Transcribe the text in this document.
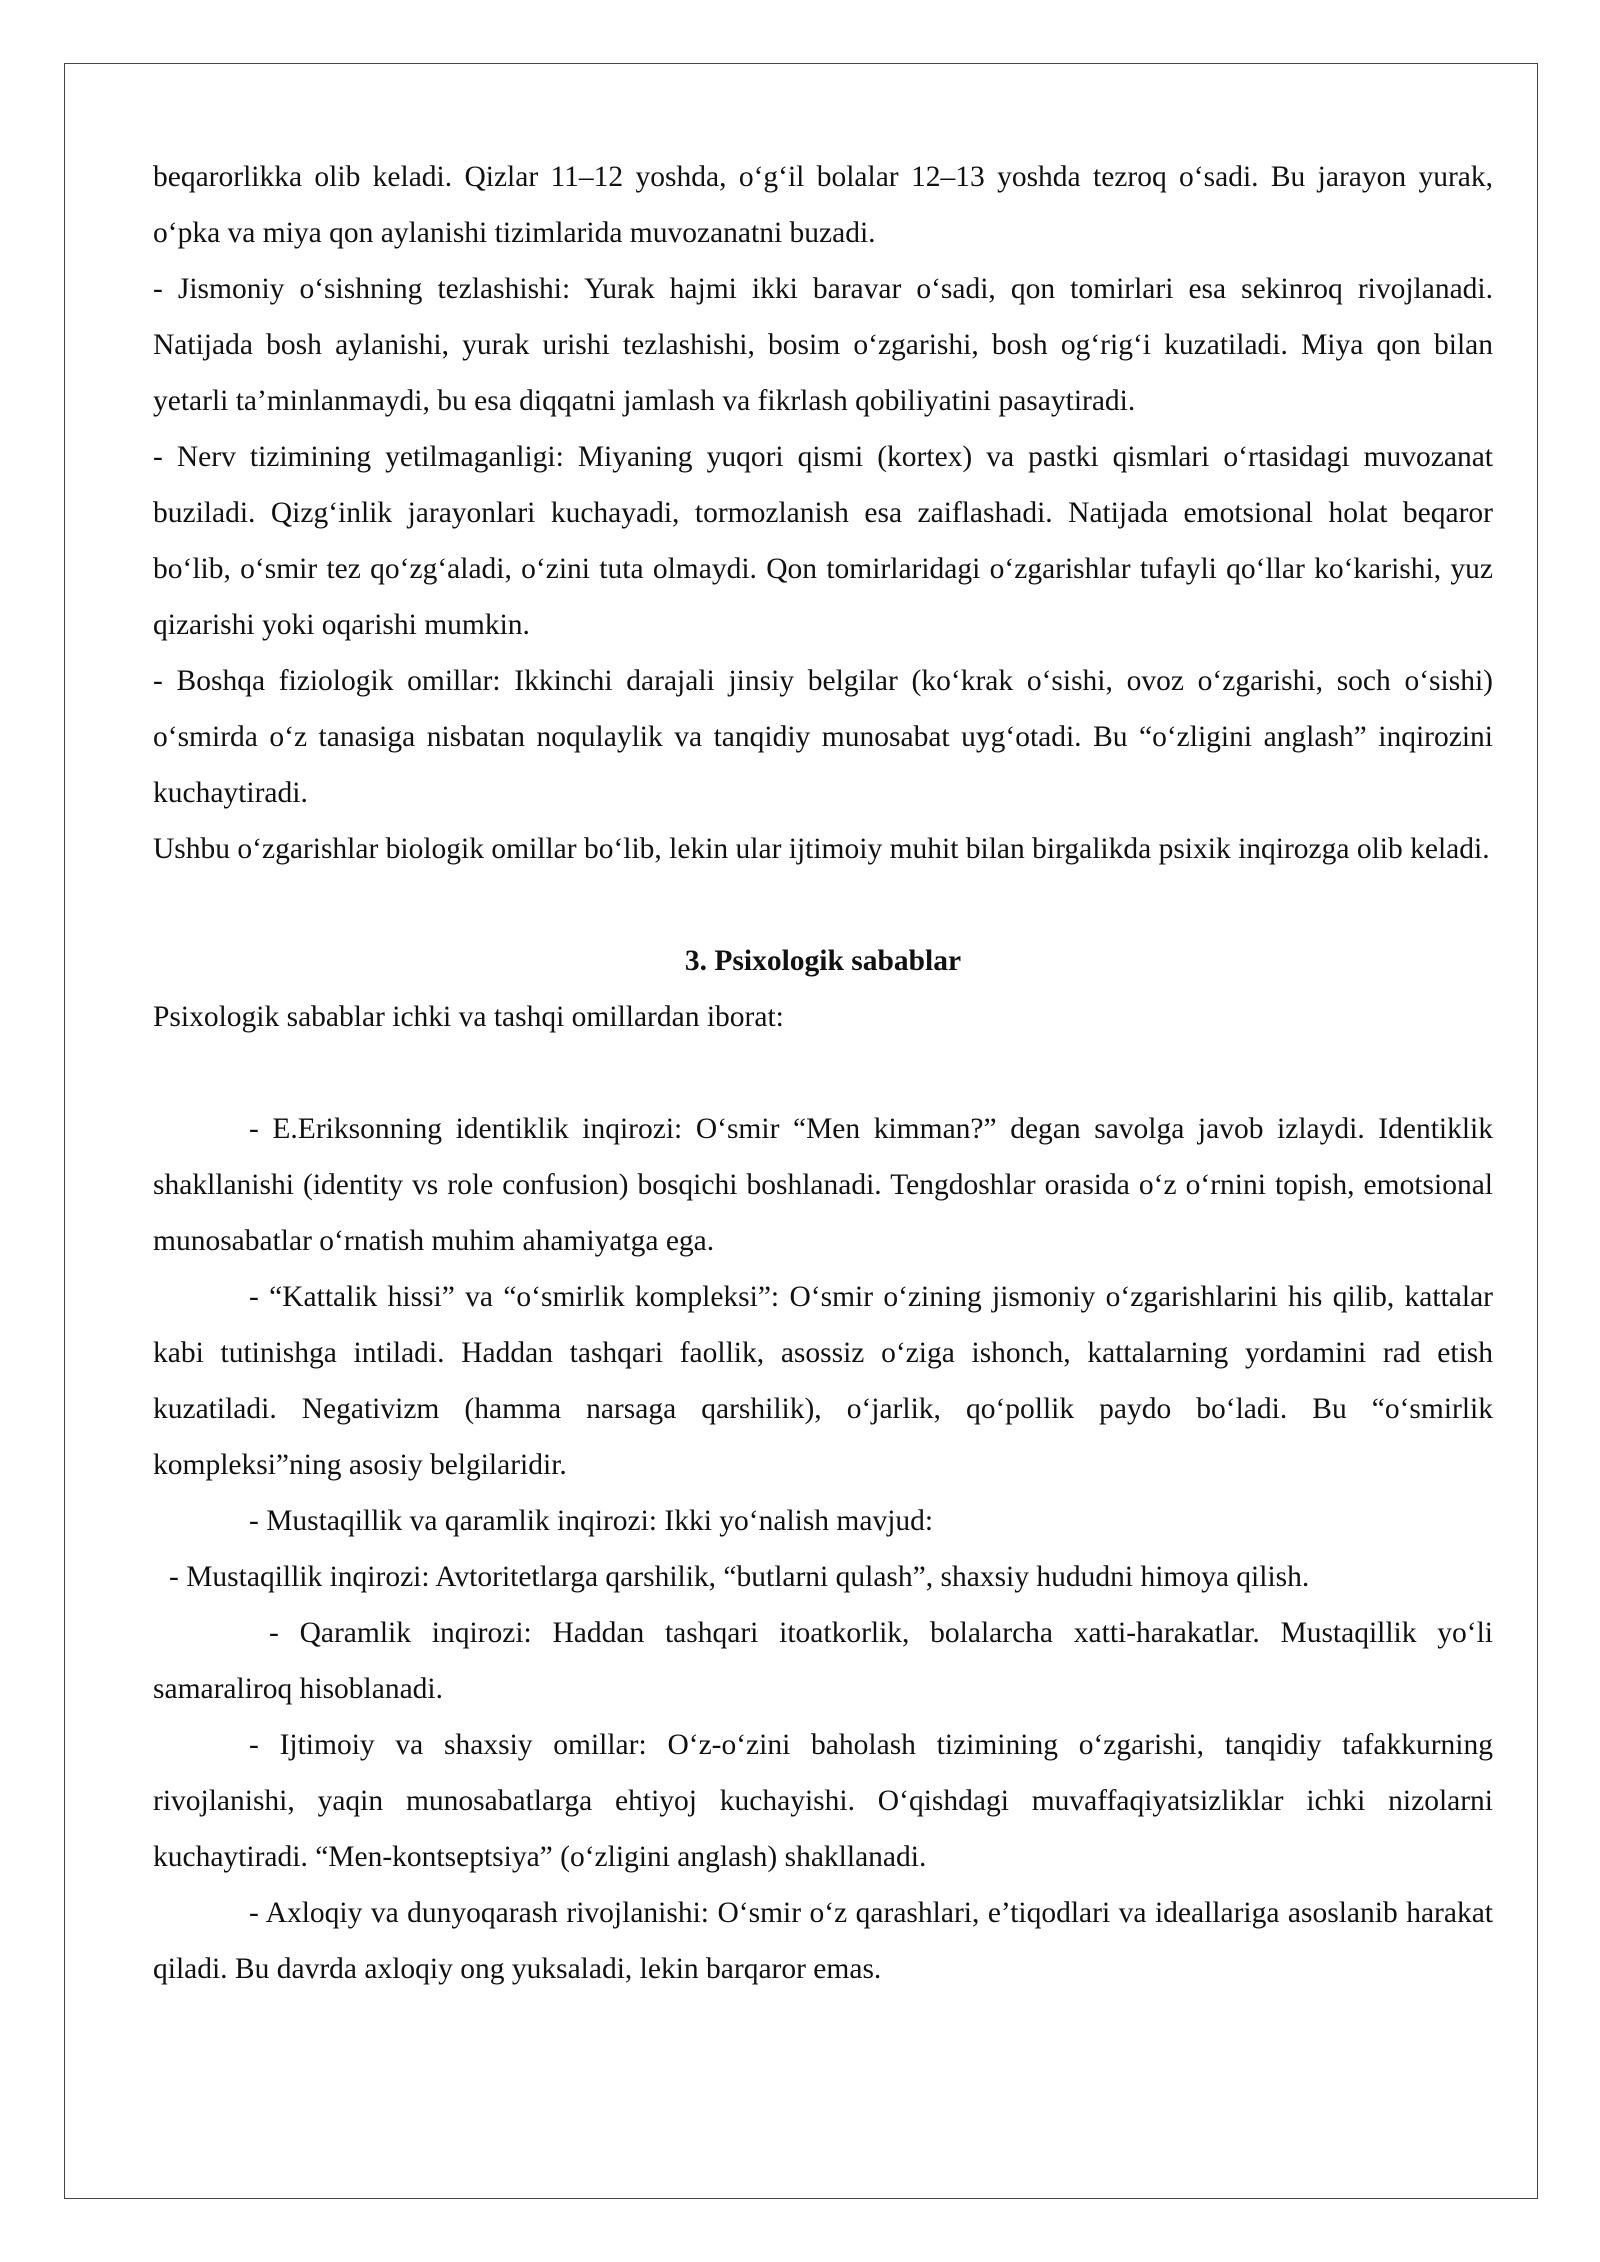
beqarorlikka olib keladi. Qizlar 11–12 yoshda, o‘g‘il bolalar 12–13 yoshda tezroq o‘sadi. Bu jarayon yurak, o‘pka va miya qon aylanishi tizimlarida muvozanatni buzadi.

- Jismoniy o‘sishning tezlashishi: Yurak hajmi ikki baravar o‘sadi, qon tomirlari esa sekinroq rivojlanadi. Natijada bosh aylanishi, yurak urishi tezlashishi, bosim o‘zgarishi, bosh og‘rig‘i kuzatiladi. Miya qon bilan yetarli ta’minlanmaydi, bu esa diqqatni jamlash va fikrlash qobiliyatini pasaytiradi.

- Nerv tizimining yetilmaganligi: Miyaning yuqori qismi (kortex) va pastki qismlari o‘rtasidagi muvozanat buziladi. Qizg‘inlik jarayonlari kuchayadi, tormozlanish esa zaiflashadi. Natijada emotsional holat beqaror bo‘lib, o‘smir tez qo‘zg‘aladi, o‘zini tuta olmaydi. Qon tomirlaridagi o‘zgarishlar tufayli qo‘llar ko‘karishi, yuz qizarishi yoki oqarishi mumkin.

- Boshqa fiziologik omillar: Ikkinchi darajali jinsiy belgilar (ko‘krak o‘sishi, ovoz o‘zgarishi, soch o‘sishi) o‘smirda o‘z tanasiga nisbatan noqulaylik va tanqidiy munosabat uyg‘otadi. Bu “o‘zligini anglash” inqirozini kuchaytiradi.

Ushbu o‘zgarishlar biologik omillar bo‘lib, lekin ular ijtimoiy muhit bilan birgalikda psixik inqirozga olib keladi.

3. Psixologik sabablar

Psixologik sabablar ichki va tashqi omillardan iborat:

- E.Eriksonning identiklik inqirozi: O‘smir “Men kimman?” degan savolga javob izlaydi. Identiklik shakllanishi (identity vs role confusion) bosqichi boshlanadi. Tengdoshlar orasida o‘z o‘rnini topish, emotsional munosabatlar o‘rnatish muhim ahamiyatga ega.

- “Kattalik hissi” va “o‘smirlik kompleksi”: O‘smir o‘zining jismoniy o‘zgarishlarini his qilib, kattalar kabi tutinishga intiladi. Haddan tashqari faollik, asossiz o‘ziga ishonch, kattalarning yordamini rad etish kuzatiladi. Negativizm (hamma narsaga qarshilik), o‘jarlik, qo‘pollik paydo bo‘ladi. Bu “o‘smirlik kompleksi”ning asosiy belgilaridir.

- Mustaqillik va qaramlik inqirozi: Ikki yo‘nalish mavjud:

- Mustaqillik inqirozi: Avtoritetlarga qarshilik, “butlarni qulash”, shaxsiy hududni himoya qilish.

- Qaramlik inqirozi: Haddan tashqari itoatkorlik, bolalarcha xatti-harakatlar. Mustaqillik yo‘li samaraliroq hisoblanadi.

- Ijtimoiy va shaxsiy omillar: O‘z-o‘zini baholash tizimining o‘zgarishi, tanqidiy tafakkurning rivojlanishi, yaqin munosabatlarga ehtiyoj kuchayishi. O‘qishdagi muvaffaqiyatsizliklar ichki nizolarni kuchaytiradi. “Men-kontseptsiya” (o‘zligini anglash) shakllanadi.

- Axloqiy va dunyoqarash rivojlanishi: O‘smir o‘z qarashlari, e’tiqodlari va ideallariga asoslanib harakat qiladi. Bu davrda axloqiy ong yuksaladi, lekin barqaror emas.
